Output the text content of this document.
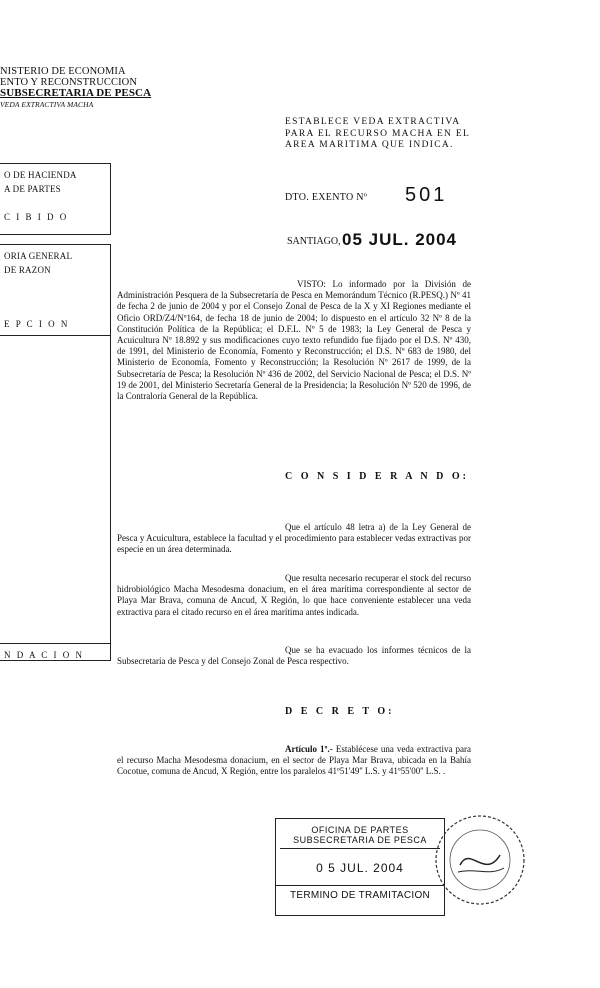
NISTERIO DE ECONOMIA
ENTO Y RECONSTRUCCION
SUBSECRETARIA DE PESCA
VEDA EXTRACTIVA MACHA
O DE HACIENDA
A DE PARTES
C I B I D O
ORIA GENERAL
DE RAZON
E P C I O N
N D A C I O N
ESTABLECE VEDA EXTRACTIVA
PARA EL RECURSO MACHA EN EL
AREA MARITIMA QUE INDICA.
DTO. EXENTO Nº 501
SANTIAGO, 05 JUL. 2004
VISTO: Lo informado por la División de Administración Pesquera de la Subsecretaría de Pesca en Memorándum Técnico (R.PESQ.) Nº 41 de fecha 2 de junio de 2004 y por el Consejo Zonal de Pesca de la X y XI Regiones mediante el Oficio ORD/Z4/Nº164, de fecha 18 de junio de 2004; lo dispuesto en el artículo 32 Nº 8 de la Constitución Política de la República; el D.F.L. Nº 5 de 1983; la Ley General de Pesca y Acuicultura Nº 18.892 y sus modificaciones cuyo texto refundido fue fijado por el D.S. Nº 430, de 1991, del Ministerio de Economía, Fomento y Reconstrucción; el D.S. Nº 683 de 1980, del Ministerio de Economía, Fomento y Reconstrucción; la Resolución Nº 2617 de 1999, de la Subsecretaría de Pesca; la Resolución Nº 436 de 2002, del Servicio Nacional de Pesca; el D.S. Nº 19 de 2001, del Ministerio Secretaría General de la Presidencia; la Resolución Nº 520 de 1996, de la Contraloría General de la República.
C O N S I D E R A N D O:
Que el artículo 48 letra a) de la Ley General de Pesca y Acuicultura, establece la facultad y el procedimiento para establecer vedas extractivas por especie en un área determinada.
Que resulta necesario recuperar el stock del recurso hidrobiológico Macha Mesodesma donacium, en el área marítima correspondiente al sector de Playa Mar Brava, comuna de Ancud, X Región, lo que hace conveniente establecer una veda extractiva para el citado recurso en el área marítima antes indicada.
Que se ha evacuado los informes técnicos de la Subsecretaría de Pesca y del Consejo Zonal de Pesca respectivo.
D E C R E T O:
Artículo 1º.- Establécese una veda extractiva para el recurso Macha Mesodesma donacium, en el sector de Playa Mar Brava, ubicada en la Bahía Cocotue, comuna de Ancud, X Región, entre los paralelos 41º51'49'' L.S. y 41º55'00'' L.S. .
OFICINA DE PARTES
SUBSECRETARIA DE PESCA
0 5 JUL. 2004
TERMINO DE TRAMITACION
